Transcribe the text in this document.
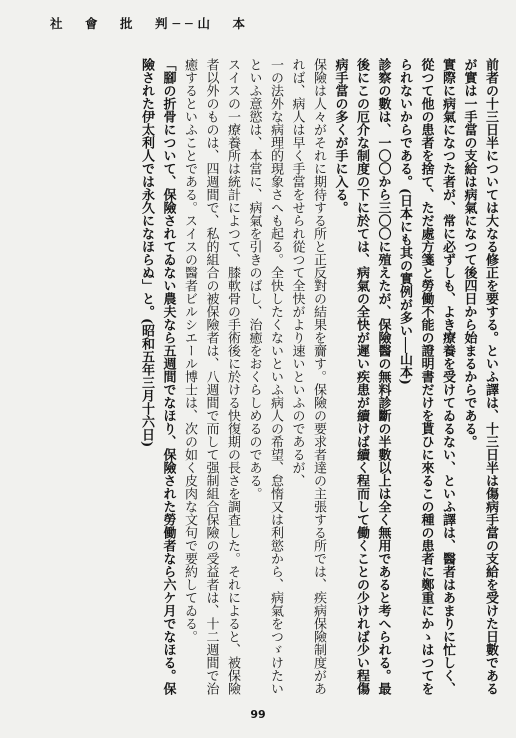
社　會　批　判──山　本

前者の十三日半については大なる修正を要する。といふ譯は、十三日半は傷病手當の支給を受けた日數であるが實は一手當の支給は病氣になつて後四日から始まるからである。

實際に病氣になつた者が、常に必ずしも、よき療養を受けてゐるない、といふ譯は、醫者はあまりに忙しく、從つて他の患者を捨て、ただ處方箋と勞働不能の證明書だけを貰ひに來るこの種の患者に鄭重にかゝはつてをられないからである。(日本にも其の實例が多い──山本)

診察の數は、一〇〇から三〇〇に殖えたが、保險醫の無料診斷の半數以上は全く無用であると考へられる。最後にこの厄介な制度の下に於ては、病氣の全快が遲い疾患が續けば續く程而して働くことの少ければ少い程傷病手當の多くが手に入る。

保險は人々がそれに期待する所と正反對の結果を齎す。保險の要求者達の主張する所では、疾病保險制度があれば、病人は早く手當をせられ從つて全快がより速いといふのであるが、

一の法外な病理的現象さへも起る。全快したくないといふ病人の希望、怠惰又は利慾から、病氣をつゞけたいといふ意慾は、本當に、病氣を引きのばし、治癒をおくらしめるのである。

スイスの一療養所は統計によつて、膝軟骨の手術後に於ける快復期の長さを調査した。それによると、被保險者以外のものは、四週間で、私的組合の被保險者は、八週間で而して强制組合保險の受益者は、十二週間で治癒するといふことである。スイスの醫者ビルシエール博士は、次の如く皮肉な文句で要約してゐる。

「腳の折骨について、保險されてゐない農夫なら五週間でなほり、保險された勞働者なら六ケ月でなほる。保險された伊太利人では永久になほらぬ」と。(昭和五年三月十六日)

99
